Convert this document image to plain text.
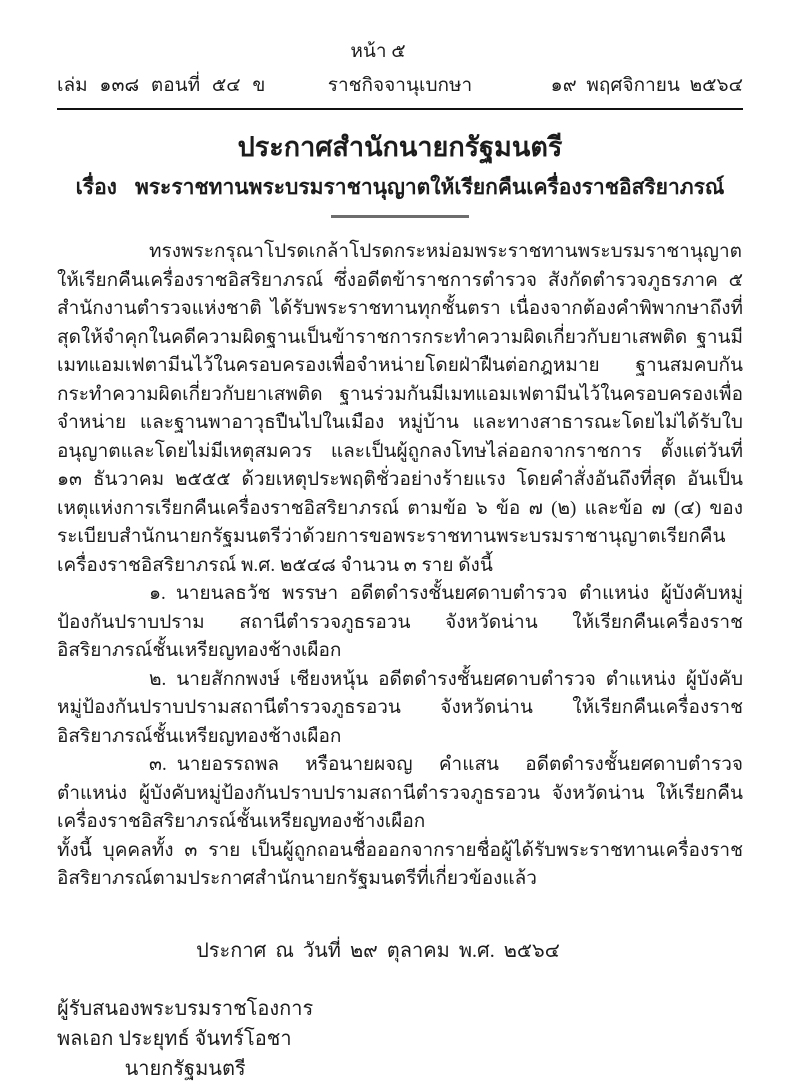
หน้า ๕
เล่ม ๑๓๘ ตอนที่ ๕๔ ข	ราชกิจจานุเบกษา	๑๙ พฤศจิกายน ๒๕๖๔
ประกาศสำนักนายกรัฐมนตรี
เรื่อง พระราชทานพระบรมราชานุญาตให้เรียกคืนเครื่องราชอิสริยาภรณ์

ทรงพระกรุณาโปรดเกล้าโปรดกระหม่อมพระราชทานพระบรมราชานุญาตให้เรียกคืนเครื่องราชอิสริยาภรณ์ ซึ่งอดีตข้าราชการตำรวจ สังกัดตำรวจภูธรภาค ๕ สำนักงานตำรวจแห่งชาติ ได้รับพระราชทานทุกชั้นตรา เนื่องจากต้องคำพิพากษาถึงที่สุดให้จำคุกในคดีความผิดฐานเป็นข้าราชการกระทำความผิดเกี่ยวกับยาเสพติด ฐานมีเมทแอมเฟตามีนไว้ในครอบครองเพื่อจำหน่ายโดยฝ่าฝืนต่อกฎหมาย ฐานสมคบกันกระทำความผิดเกี่ยวกับยาเสพติด ฐานร่วมกันมีเมทแอมเฟตามีนไว้ในครอบครองเพื่อจำหน่าย และฐานพาอาวุธปืนไปในเมือง หมู่บ้าน และทางสาธารณะโดยไม่ได้รับใบอนุญาตและโดยไม่มีเหตุสมควร และเป็นผู้ถูกลงโทษไล่ออกจากราชการ ตั้งแต่วันที่ ๑๓ ธันวาคม ๒๕๕๕ ด้วยเหตุประพฤติชั่วอย่างร้ายแรง โดยคำสั่งอันถึงที่สุด อันเป็นเหตุแห่งการเรียกคืนเครื่องราชอิสริยาภรณ์ ตามข้อ ๖ ข้อ ๗ (๒) และข้อ ๗ (๔) ของระเบียบสำนักนายกรัฐมนตรีว่าด้วยการขอพระราชทานพระบรมราชานุญาตเรียกคืนเครื่องราชอิสริยาภรณ์ พ.ศ. ๒๕๔๘ จำนวน ๓ ราย ดังนี้

๑. นายนลธวัช พรรษา อดีตดำรงชั้นยศดาบตำรวจ ตำแหน่ง ผู้บังคับหมู่ป้องกันปราบปราม สถานีตำรวจภูธรอวน จังหวัดน่าน ให้เรียกคืนเครื่องราชอิสริยาภรณ์ชั้นเหรียญทองช้างเผือก

๒. นายสักกพงษ์ เชียงหนุ้น อดีตดำรงชั้นยศดาบตำรวจ ตำแหน่ง ผู้บังคับหมู่ป้องกันปราบปรามสถานีตำรวจภูธรอวน จังหวัดน่าน ให้เรียกคืนเครื่องราชอิสริยาภรณ์ชั้นเหรียญทองช้างเผือก

๓. นายอรรถพล หรือนายผจญ คำแสน อดีตดำรงชั้นยศดาบตำรวจ ตำแหน่ง ผู้บังคับหมู่ป้องกันปราบปรามสถานีตำรวจภูธรอวน จังหวัดน่าน ให้เรียกคืนเครื่องราชอิสริยาภรณ์ชั้นเหรียญทองช้างเผือก

ทั้งนี้ บุคคลทั้ง ๓ ราย เป็นผู้ถูกถอนชื่อออกจากรายชื่อผู้ได้รับพระราชทานเครื่องราชอิสริยาภรณ์ตามประกาศสำนักนายกรัฐมนตรีที่เกี่ยวข้องแล้ว

ประกาศ ณ วันที่ ๒๙ ตุลาคม พ.ศ. ๒๕๖๔

ผู้รับสนองพระบรมราชโองการ

พลเอก ประยุทธ์ จันทร์โอชา

นายกรัฐมนตรี
